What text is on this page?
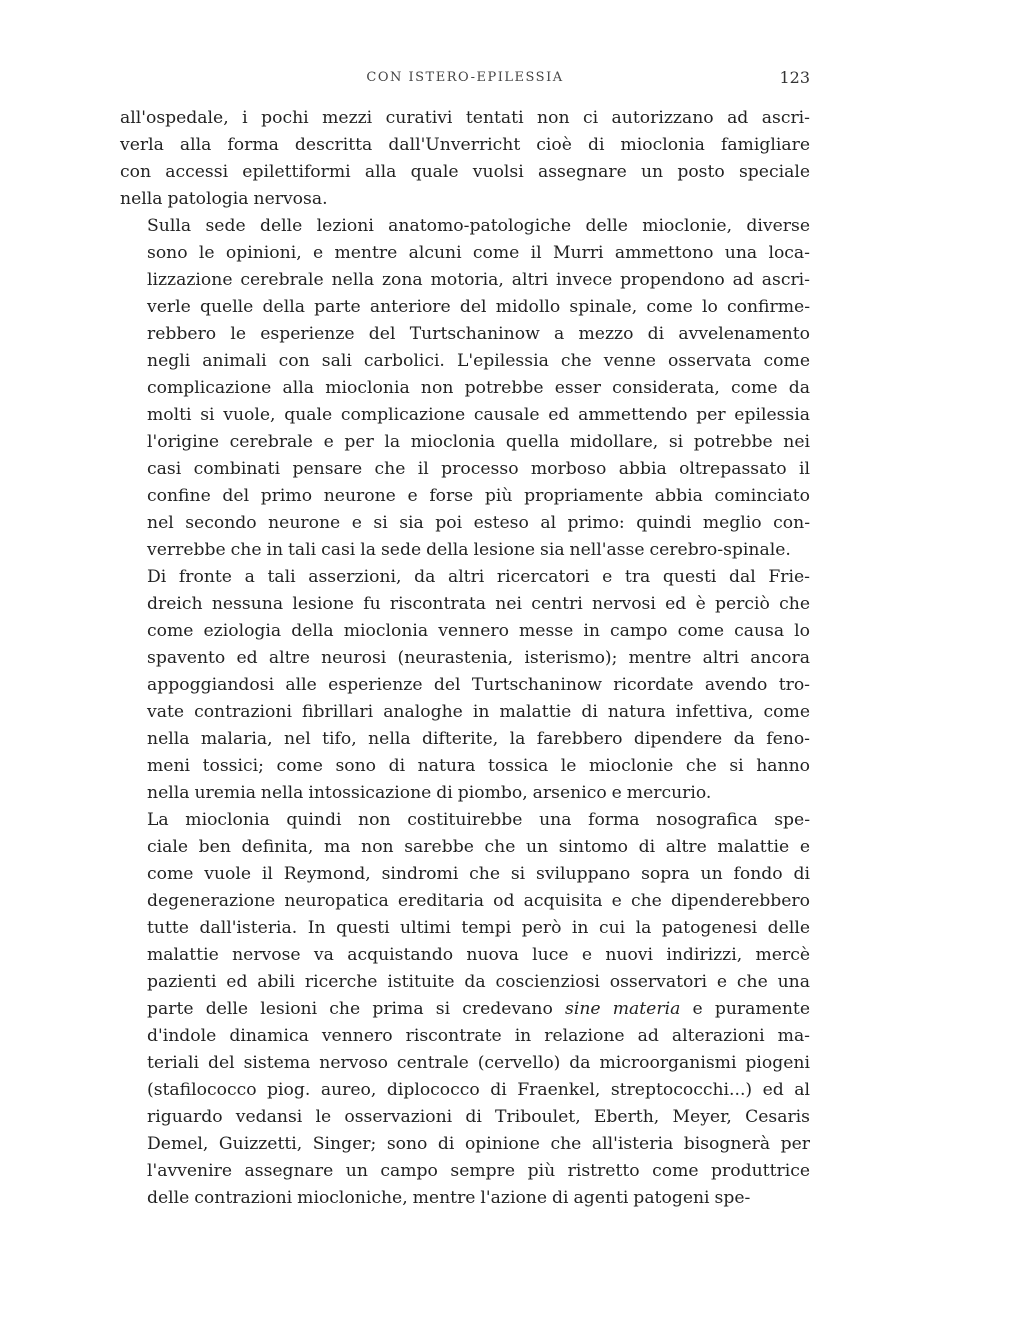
CON ISTERO-EPILESSIA	123
all'ospedale, i pochi mezzi curativi tentati non ci autorizzano ad ascri-
verla alla forma descritta dall'Unverricht cioè di mioclonia famigliare
con accessi epilettiformi alla quale vuolsi assegnare un posto speciale
nella patologia nervosa.
Sulla sede delle lezioni anatomo-patologiche delle mioclonie, diverse
sono le opinioni, e mentre alcuni come il Murri ammettono una loca-
lizzazione cerebrale nella zona motoria, altri invece propendono ad ascri-
verle quelle della parte anteriore del midollo spinale, come lo confirme-
rebbero le esperienze del Turtschaninow a mezzo di avvelenamento
negli animali con sali carbolici. L'epilessia che venne osservata come
complicazione alla mioclonia non potrebbe esser considerata, come da
molti si vuole, quale complicazione causale ed ammettendo per epilessia
l'origine cerebrale e per la mioclonia quella midollare, si potrebbe nei
casi combinati pensare che il processo morboso abbia oltrepassato il
confine del primo neurone e forse più propriamente abbia cominciato
nel secondo neurone e si sia poi esteso al primo: quindi meglio con-
verrebbe che in tali casi la sede della lesione sia nell'asse cerebro-spinale.
Di fronte a tali asserzioni, da altri ricercatori e tra questi dal Frie-
dreich nessuna lesione fu riscontrata nei centri nervosi ed è perciò che
come eziologia della mioclonia vennero messe in campo come causa lo
spavento ed altre neurosi (neurastenia, isterismo); mentre altri ancora
appoggiandosi alle esperienze del Turtschaninow ricordate avendo tro-
vate contrazioni fibrillari analoghe in malattie di natura infettiva, come
nella malaria, nel tifo, nella difterite, la farebbero dipendere da feno-
meni tossici; come sono di natura tossica le mioclonie che si hanno
nella uremia nella intossicazione di piombo, arsenico e mercurio.
La mioclonia quindi non costituirebbe una forma nosografica spe-
ciale ben definita, ma non sarebbe che un sintomo di altre malattie e
come vuole il Reymond, sindromi che si sviluppano sopra un fondo di
degenerazione neuropatica ereditaria od acquisita e che dipenderebbero
tutte dall'isteria. In questi ultimi tempi però in cui la patogenesi delle
malattie nervose va acquistando nuova luce e nuovi indirizzi, mercè
pazienti ed abili ricerche istituite da coscienziosi osservatori e che una
parte delle lesioni che prima si credevano sine materia e puramente
d'indole dinamica vennero riscontrate in relazione ad alterazioni ma-
teriali del sistema nervoso centrale (cervello) da microorganismi piogeni
(stafilococco piog. aureo, diplococco di Fraenkel, streptococchi...) ed al
riguardo vedansi le osservazioni di Triboulet, Eberth, Meyer, Cesaris
Demel, Guizzetti, Singer; sono di opinione che all'isteria bisognerà per
l'avvenire assegnare un campo sempre più ristretto come produttrice
delle contrazioni miocloniche, mentre l'azione di agenti patogeni spe-
